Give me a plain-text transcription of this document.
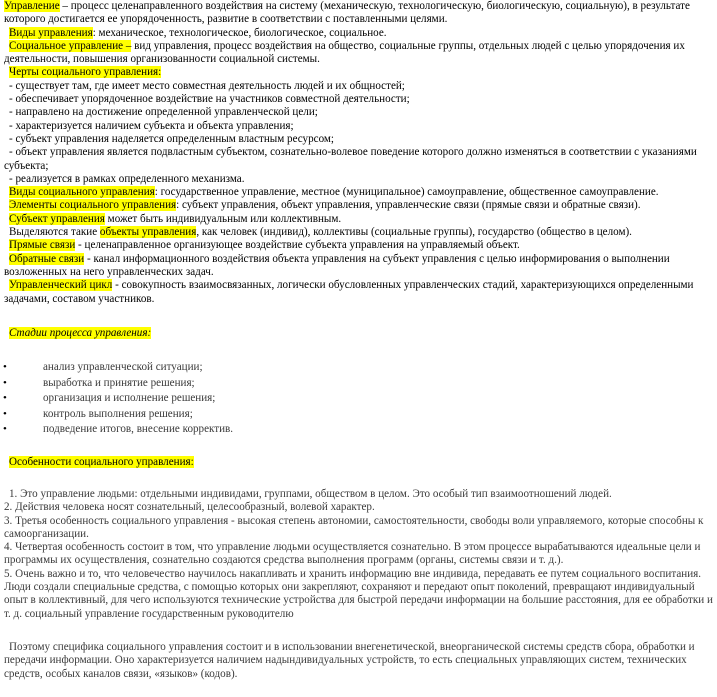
Управление – процесс целенаправленного воздействия на систему (механическую, технологическую, биологическую, социальную), в результате которого достигается ее упорядоченность, развитие в соответствии с поставленными целями.

Виды управления: механическое, технологическое, биологическое, социальное.

Социальное управление – вид управления, процесс воздействия на общество, социальные группы, отдельных людей с целью упорядочения их деятельности, повышения организованности социальной системы.

Черты социального управления:

- существует там, где имеет место совместная деятельность людей и их общностей;

- обеспечивает упорядоченное воздействие на участников совместной деятельности;

- направлено на достижение определенной управленческой цели;

- характеризуется наличием субъекта и объекта управления;

- субъект управления наделяется определенным властным ресурсом;

- объект управления является подвластным субъектом, сознательно-волевое поведение которого должно изменяться в соответствии с указаниями субъекта;

- реализуется в рамках определенного механизма.

Виды социального управления: государственное управление, местное (муниципальное) самоуправление, общественное самоуправление.

Элементы социального управления: субъект управления, объект управления, управленческие связи (прямые связи и обратные связи).

Субъект управления может быть индивидуальным или коллективным.

Выделяются такие объекты управления, как человек (индивид), коллективы (социальные группы), государство (общество в целом).

Прямые связи - целенаправленное организующее воздействие субъекта управления на управляемый объект.

Обратные связи - канал информационного воздействия объекта управления на субъект управления с целью информирования о выполнении возложенных на него управленческих задач.

Управленческий цикл - совокупность взаимосвязанных, логически обусловленных управленческих стадий, характеризующихся определенными задачами, составом участников.

Стадии процесса управления:

•	анализ управленческой ситуации;
•	выработка и принятие решения;
•	организация и исполнение решения;
•	контроль выполнения решения;
•	подведение итогов, внесение корректив.

Особенности социального управления:

1. Это управление людьми: отдельными индивидами, группами, обществом в целом. Это особый тип взаимоотношений людей.

2. Действия человека носят сознательный, целесообразный, волевой характер.

3. Третья особенность социального управления - высокая степень автономии, самостоятельности, свободы воли управляемого, которые способны к самоорганизации.

4. Четвертая особенность состоит в том, что управление людьми осуществляется сознательно. В этом процессе вырабатываются идеальные цели и программы их осуществления, сознательно создаются средства выполнения программ (органы, системы связи и т. д.).

5. Очень важно и то, что человечество научилось накапливать и хранить информацию вне индивида, передавать ее путем социального воспитания. Люди создали специальные средства, с помощью которых они закрепляют, сохраняют и передают опыт поколений, превращают индивидуальный опыт в коллективный, для чего используются технические устройства для быстрой передачи информации на большие расстояния, для ее обработки и т. д. социальный управление государственным руководителю

Поэтому специфика социального управления состоит и в использовании внегенетической, внеорганической системы средств сбора, обработки и передачи информации. Оно характеризуется наличием надындивидуальных устройств, то есть специальных управляющих систем, технических средств, особых каналов связи, «языков» (кодов).
